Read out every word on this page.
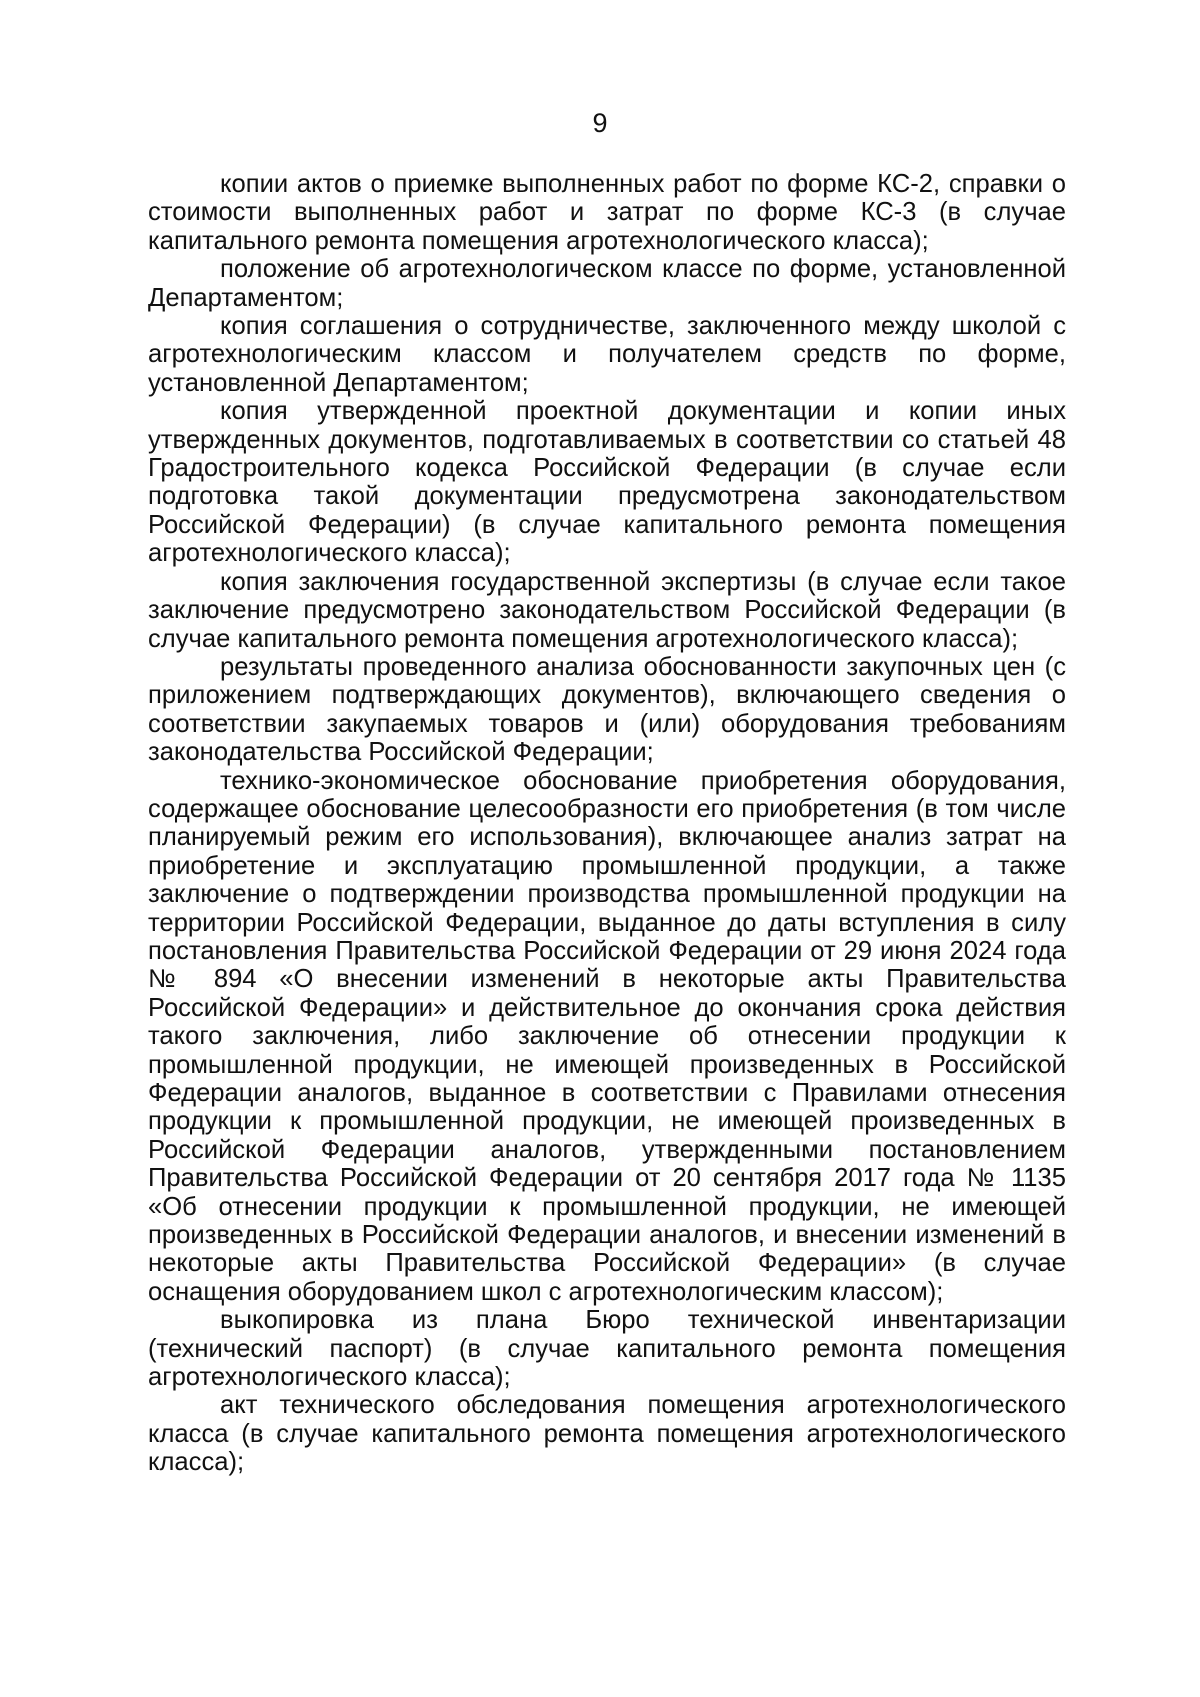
9

копии актов о приемке выполненных работ по форме КС-2, справки о стоимости выполненных работ и затрат по форме КС-3 (в случае капитального ремонта помещения агротехнологического класса);

положение об агротехнологическом классе по форме, установленной Департаментом;

копия соглашения о сотрудничестве, заключенного между школой с агротехнологическим классом и получателем средств по форме, установленной Департаментом;

копия утвержденной проектной документации и копии иных утвержденных документов, подготавливаемых в соответствии со статьей 48 Градостроительного кодекса Российской Федерации (в случае если подготовка такой документации предусмотрена законодательством Российской Федерации) (в случае капитального ремонта помещения агротехнологического класса);

копия заключения государственной экспертизы (в случае если такое заключение предусмотрено законодательством Российской Федерации (в случае капитального ремонта помещения агротехнологического класса);

результаты проведенного анализа обоснованности закупочных цен (с приложением подтверждающих документов), включающего сведения о соответствии закупаемых товаров и (или) оборудования требованиям законодательства Российской Федерации;

технико-экономическое обоснование приобретения оборудования, содержащее обоснование целесообразности его приобретения (в том числе планируемый режим его использования), включающее анализ затрат на приобретение и эксплуатацию промышленной продукции, а также заключение о подтверждении производства промышленной продукции на территории Российской Федерации, выданное до даты вступления в силу постановления Правительства Российской Федерации от 29 июня 2024 года № 894 «О внесении изменений в некоторые акты Правительства Российской Федерации» и действительное до окончания срока действия такого заключения, либо заключение об отнесении продукции к промышленной продукции, не имеющей произведенных в Российской Федерации аналогов, выданное в соответствии с Правилами отнесения продукции к промышленной продукции, не имеющей произведенных в Российской Федерации аналогов, утвержденными постановлением Правительства Российской Федерации от 20 сентября 2017 года № 1135 «Об отнесении продукции к промышленной продукции, не имеющей произведенных в Российской Федерации аналогов, и внесении изменений в некоторые акты Правительства Российской Федерации» (в случае оснащения оборудованием школ с агротехнологическим классом);

выкопировка из плана Бюро технической инвентаризации (технический паспорт) (в случае капитального ремонта помещения агротехнологического класса);

акт технического обследования помещения агротехнологического класса (в случае капитального ремонта помещения агротехнологического класса);
